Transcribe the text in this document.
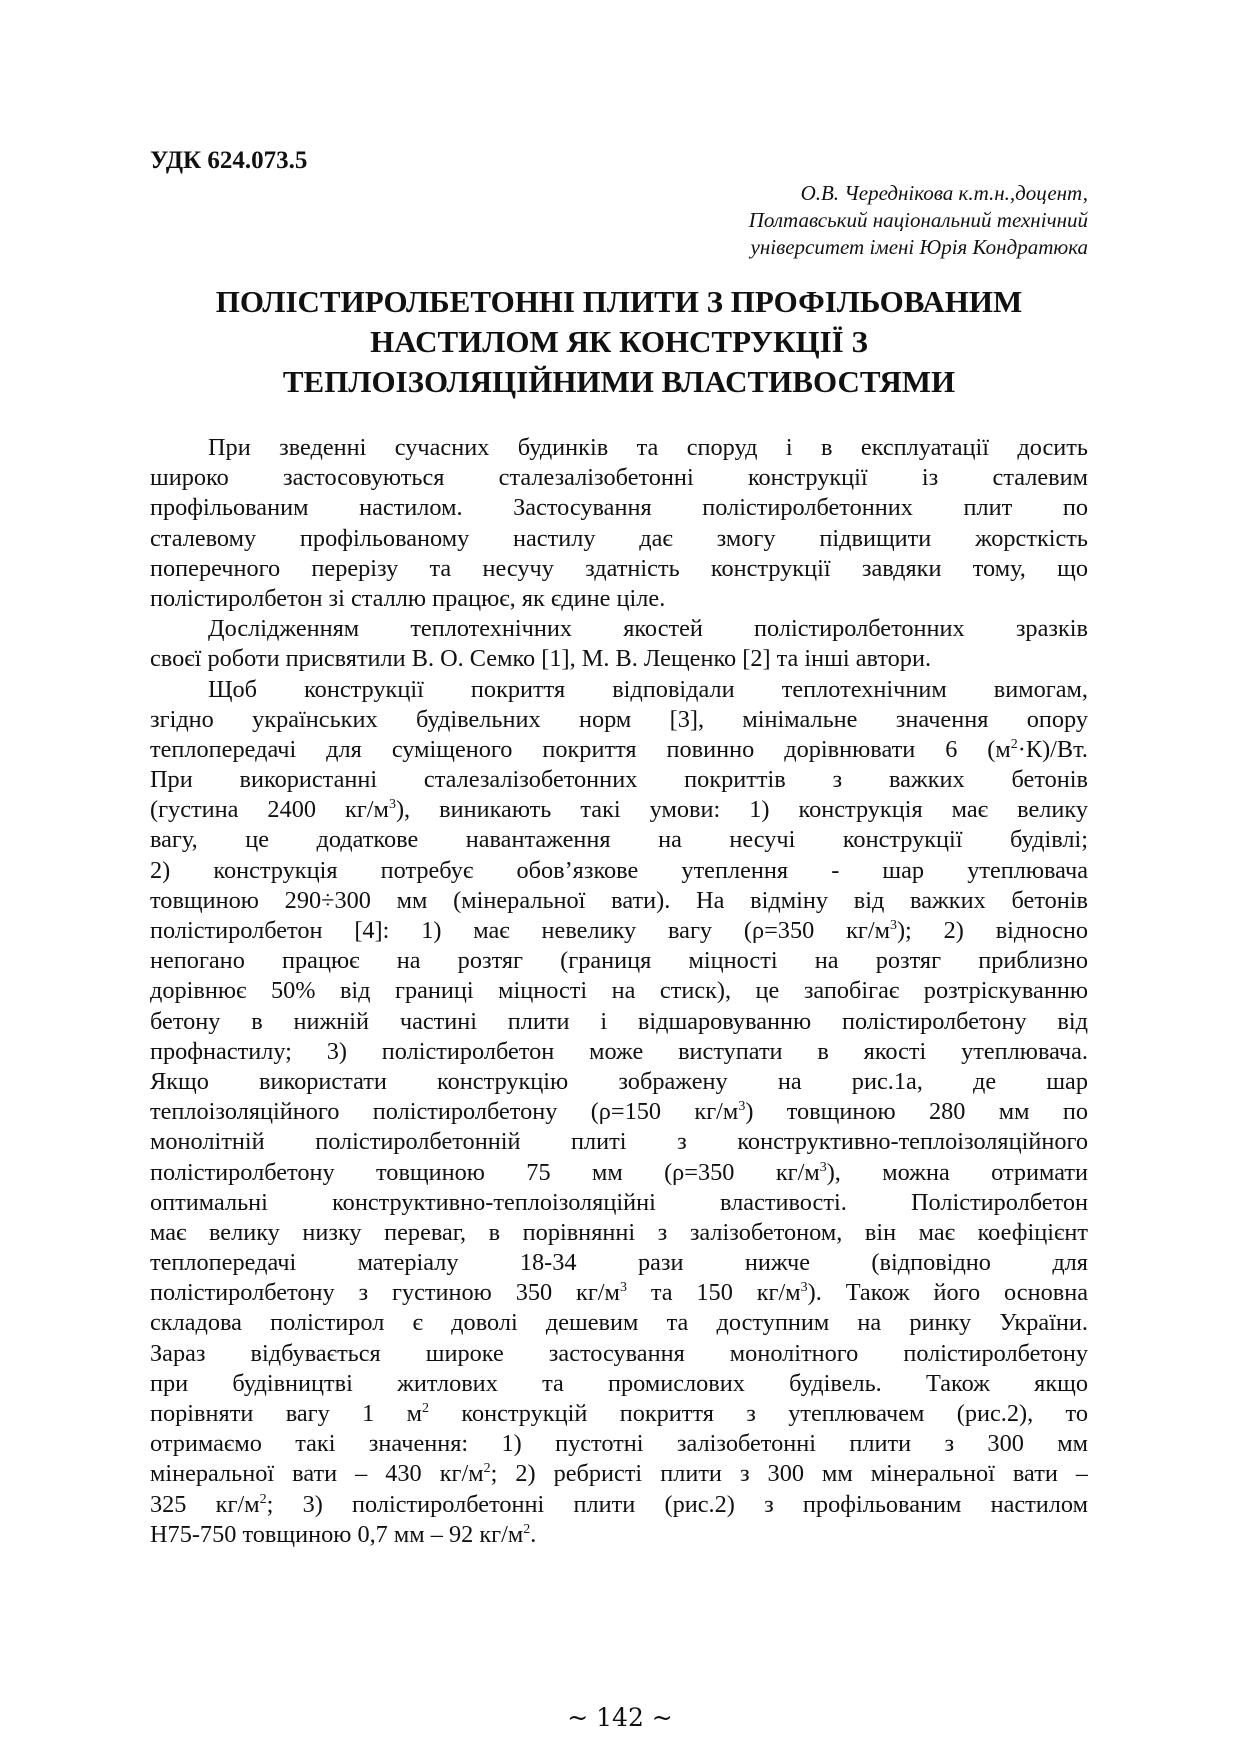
УДК 624.073.5
О.В. Череднікова к.т.н.,доцент,
Полтавський національний технічний
університет імені Юрія Кондратюка
ПОЛІСТИРОЛБЕТОННІ ПЛИТИ З ПРОФІЛЬОВАНИМ
НАСТИЛОМ ЯК КОНСТРУКЦІЇ З
ТЕПЛОІЗОЛЯЦІЙНИМИ ВЛАСТИВОСТЯМИ

При зведенні сучасних будинків та споруд і в експлуатації досить
широко застосовуються сталезалізобетонні конструкції із сталевим
профільованим настилом. Застосування полістиролбетонних плит по
сталевому профільованому настилу дає змогу підвищити жорсткість
поперечного перерізу та несучу здатність конструкції завдяки тому, що
полістиролбетон зі сталлю працює, як єдине ціле.

Дослідженням теплотехнічних якостей полістиролбетонних зразків
своєї роботи присвятили В. О. Семко [1], М. В. Лещенко [2] та інші автори.

Щоб конструкції покриття відповідали теплотехнічним вимогам,
згідно українських будівельних норм [3], мінімальне значення опору
теплопередачі для суміщеного покриття повинно дорівнювати 6 $(м^2\cdot К)/Вт$.
При використанні сталезалізобетонних покриттів з важких бетонів
(густина 2400 $кг/м^3$), виникають такі умови: 1) конструкція має велику
вагу, це додаткове навантаження на несучі конструкції будівлі;
2) конструкція потребує обов’язкове утеплення - шар утеплювача
товщиною 290÷300 мм (мінеральної вати). На відміну від важких бетонів
полістиролбетон [4]: 1) має невелику вагу (ρ=350 $кг/м^3$); 2) відносно
непогано працює на розтяг (границя міцності на розтяг приблизно
дорівнює 50% від границі міцності на стиск), це запобігає розтріскуванню
бетону в нижній частині плити і відшаровуванню полістиролбетону від
профнастилу; 3) полістиролбетон може виступати в якості утеплювача.
Якщо використати конструкцію зображену на рис.1а, де шар
теплоізоляційного полістиролбетону (ρ=150 $кг/м^3$) товщиною 280 мм по
монолітній полістиролбетонній плиті з конструктивно-теплоізоляційного
полістиролбетону товщиною 75 мм (ρ=350 $кг/м^3$), можна отримати
оптимальні конструктивно-теплоізоляційні властивості. Полістиролбетон
має велику низку переваг, в порівнянні з залізобетоном, він має коефіцієнт
теплопередачі матеріалу 18-34 рази нижче (відповідно для
полістиролбетону з густиною 350 $кг/м^3$ та 150 $кг/м^3$). Також його основна
складова полістирол є доволі дешевим та доступним на ринку України.
Зараз відбувається широке застосування монолітного полістиролбетону
при будівництві житлових та промислових будівель. Також якщо
порівняти вагу 1 $м^2$ конструкцій покриття з утеплювачем (рис.2), то
отримаємо такі значення: 1) пустотні залізобетонні плити з 300 мм
мінеральної вати – 430 $кг/м^2$; 2) ребристі плити з 300 мм мінеральної вати –
325 $кг/м^2$; 3) полістиролбетонні плити (рис.2) з профільованим настилом
Н75-750 товщиною 0,7 мм – 92 $кг/м^2$.

~ 142 ~
